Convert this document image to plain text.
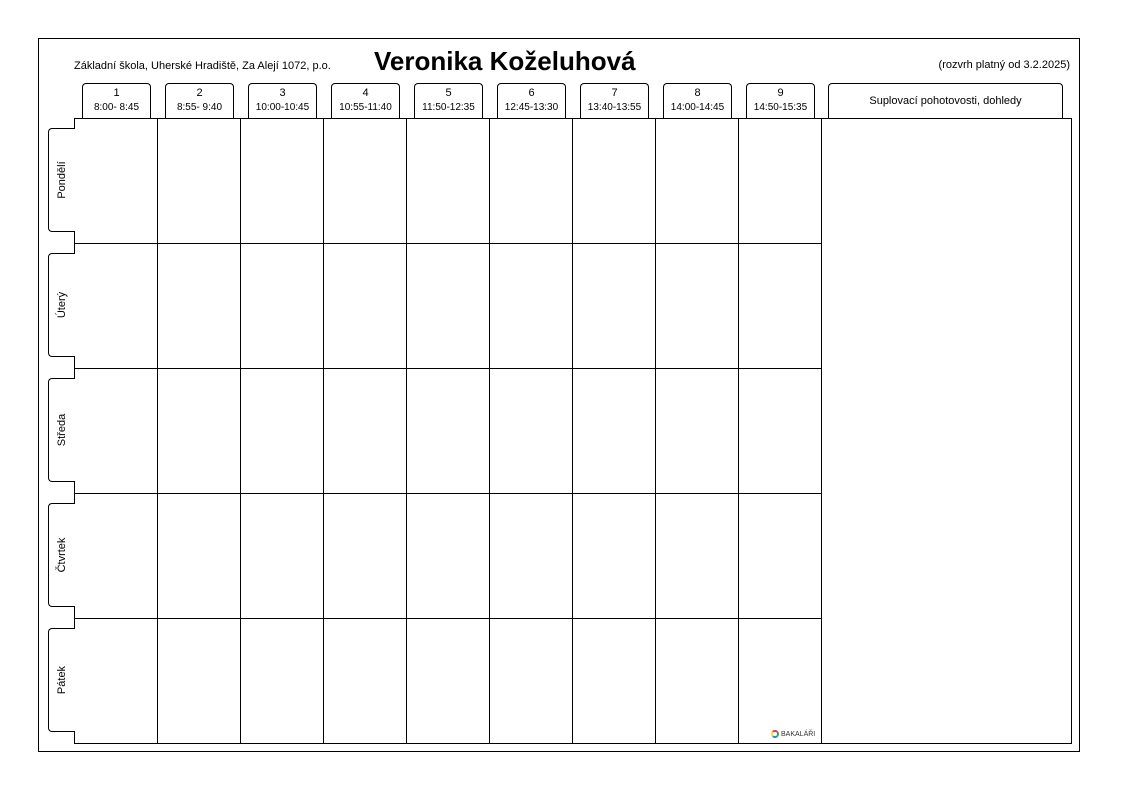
Základní škola, Uherské Hradiště, Za Alejí 1072, p.o. Veronika Koželuhová	(rozvrh platný od 3.2.2025)
1
8:00- 8:45
2
8:55- 9:40
3
10:00-10:45
4
10:55-11:40
5
11:50-12:35
6
12:45-13:30
7
13:40-13:55
8
14:00-14:45
9
14:50-15:35
Suplovací pohotovosti, dohledy
Pondělí
Úterý
Středa
Čtvrtek
Pátek
BAKALÁŘI
